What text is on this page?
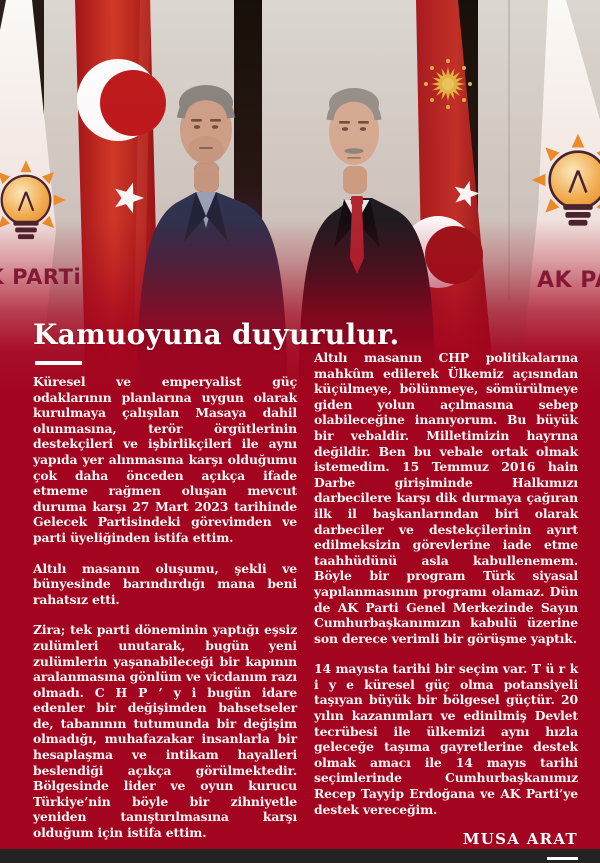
Kamuoyuna duyurulur.

Küresel ve emperyalist güç odaklarının planlarına uygun olarak kurulmaya çalışılan Masaya dahil olunmasına, terör örgütlerinin destekçileri ve işbirlikçileri ile aynı yapıda yer alınmasına karşı olduğumu çok daha önceden açıkça ifade etmeme rağmen oluşan mevcut duruma karşı 27 Mart 2023 tarihinde Gelecek Partisindeki görevimden ve parti üyeliğinden istifa ettim.

Altılı masanın oluşumu, şekli ve bünyesinde barındırdığı mana beni rahatsız etti.

Zira; tek parti döneminin yaptığı eşsiz zulümleri unutarak, bugün yeni zulümlerin yaşanabileceği bir kapının aralanmasına gönlüm ve vicdanım razı olmadı. C H P ’ y i bugün idare edenler bir değişimden bahsetseler de, tabanının tutumunda bir değişim olmadığı, muhafazakar insanlarla bir hesaplaşma ve intikam hayalleri beslendiği açıkça görülmektedir. Bölgesinde lider ve oyun kurucu Türkiye’nin böyle bir zihniyetle yeniden tanıştırılmasına karşı olduğum için istifa ettim.

Altılı masanın CHP politikalarına mahkûm edilerek Ülkemiz açısından küçülmeye, bölünmeye, sömürülmeye giden yolun açılmasına sebep olabileceğine inanıyorum. Bu büyük bir vebaldir. Milletimizin hayrına değildir. Ben bu vebale ortak olmak istemedim. 15 Temmuz 2016 hain Darbe girişiminde Halkımızı darbecilere karşı dik durmaya çağıran ilk il başkanlarından biri olarak darbeciler ve destekçilerinin ayırt edilmeksizin görevlerine iade etme taahhüdünü asla kabullenemem. Böyle bir program Türk siyasal yapılanmasının programı olamaz. Dün de AK Parti Genel Merkezinde Sayın Cumhurbaşkanımızın kabulü üzerine son derece verimli bir görüşme yaptık.

14 mayısta tarihi bir seçim var. T ü r k i y e küresel güç olma potansiyeli taşıyan büyük bir bölgesel güçtür. 20 yılın kazanımları ve edinilmiş Devlet tecrübesi ile ülkemizi aynı hızla geleceğe taşıma gayretlerine destek olmak amacı ile 14 mayıs tarihi seçimlerinde Cumhurbaşkanımız Recep Tayyip Erdoğana ve AK Parti’ye destek vereceğim.

MUSA ARAT
